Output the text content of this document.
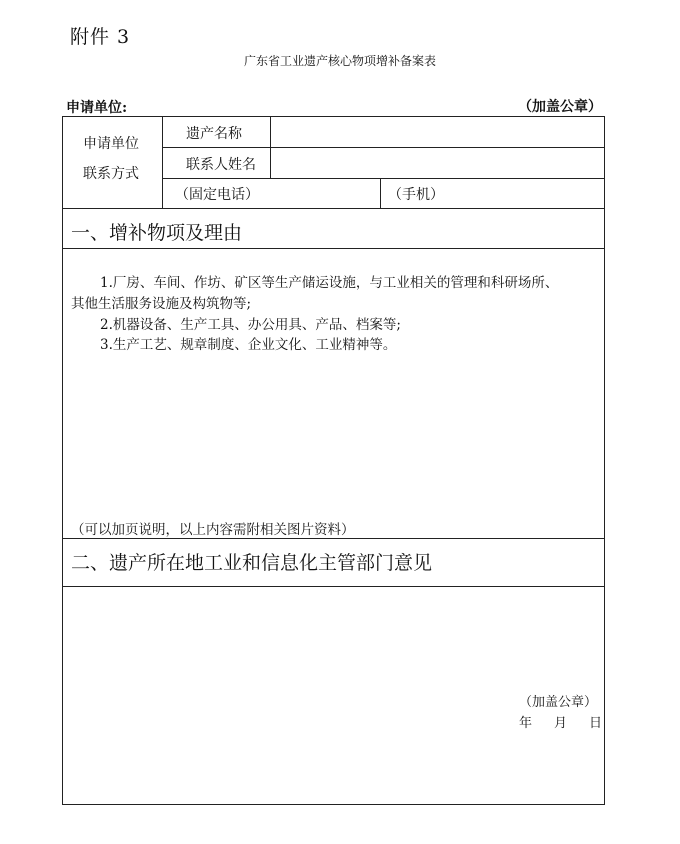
附件 3
广东省工业遗产核心物项增补备案表
申请单位:	（加盖公章）
申请单位
联系方式
遗产名称
联系人姓名
（固定电话）	（手机）
一、增补物项及理由
1.厂房、车间、作坊、矿区等生产储运设施，与工业相关的管理和科研场所、
其他生活服务设施及构筑物等;
2.机器设备、生产工具、办公用具、产品、档案等;
3.生产工艺、规章制度、企业文化、工业精神等。
（可以加页说明，以上内容需附相关图片资料）
二、遗产所在地工业和信息化主管部门意见
（加盖公章）
年 月 日
